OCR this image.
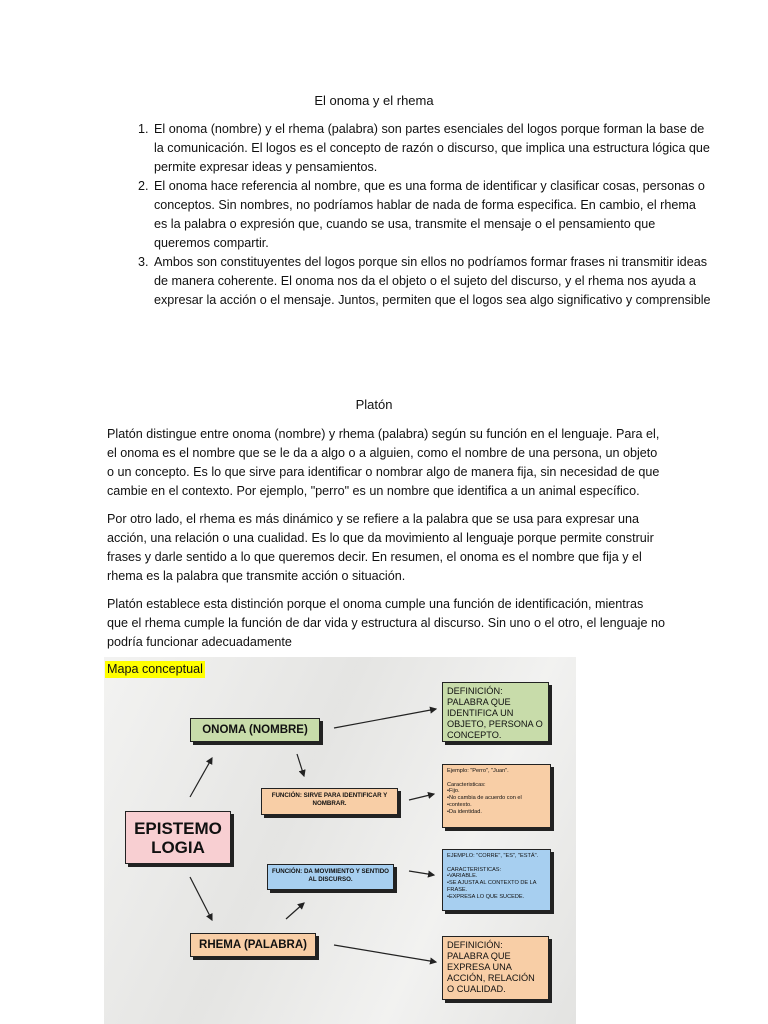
El onoma y el rhema
1. El onoma (nombre) y el rhema (palabra) son partes esenciales del logos porque forman la base de la comunicación. El logos es el concepto de razón o discurso, que implica una estructura lógica que permite expresar ideas y pensamientos.
2. El onoma hace referencia al nombre, que es una forma de identificar y clasificar cosas, personas o conceptos. Sin nombres, no podríamos hablar de nada de forma especifica. En cambio, el rhema es la palabra o expresión que, cuando se usa, transmite el mensaje o el pensamiento que queremos compartir.
3. Ambos son constituyentes del logos porque sin ellos no podríamos formar frases ni transmitir ideas de manera coherente. El onoma nos da el objeto o el sujeto del discurso, y el rhema nos ayuda a expresar la acción o el mensaje. Juntos, permiten que el logos sea algo significativo y comprensible
Platón

Platón distingue entre onoma (nombre) y rhema (palabra) según su función en el lenguaje. Para el, el onoma es el nombre que se le da a algo o a alguien, como el nombre de una persona, un objeto o un concepto. Es lo que sirve para identificar o nombrar algo de manera fija, sin necesidad de que cambie en el contexto. Por ejemplo, "perro" es un nombre que identifica a un animal específico.

Por otro lado, el rhema es más dinámico y se refiere a la palabra que se usa para expresar una acción, una relación o una cualidad. Es lo que da movimiento al lenguaje porque permite construir frases y darle sentido a lo que queremos decir. En resumen, el onoma es el nombre que fija y el rhema es la palabra que transmite acción o situación.

Platón establece esta distinción porque el onoma cumple una función de identificación, mientras que el rhema cumple la función de dar vida y estructura al discurso. Sin uno o el otro, el lenguaje no podría funcionar adecuadamente

EPISTEMO
LOGIA
ONOMA (NOMBRE)
RHEMA (PALABRA)
FUNCIÓN: SIRVE PARA IDENTIFICAR Y NOMBRAR.
FUNCIÓN: DA MOVIMIENTO Y SENTIDO AL DISCURSO.
DEFINICIÓN: PALABRA QUE IDENTIFICA UN OBJETO, PERSONA O CONCEPTO.
DEFINICIÓN: PALABRA QUE EXPRESA UNA ACCIÓN, RELACIÓN O CUALIDAD.
Ejemplo: "Perro", "Juan".

Caracteristicas:
•Fijo.
•No cambia de acuerdo con el •contexto.
•Da identidad.
EJEMPLO: "CORRE", "ES", "ESTÁ".

CARACTERISTICAS:
•VARIABLE.
•SE AJUSTA AL CONTEXTO DE LA FRASE.
•EXPRESA LO QUE SUCEDE.
Mapa conceptual
